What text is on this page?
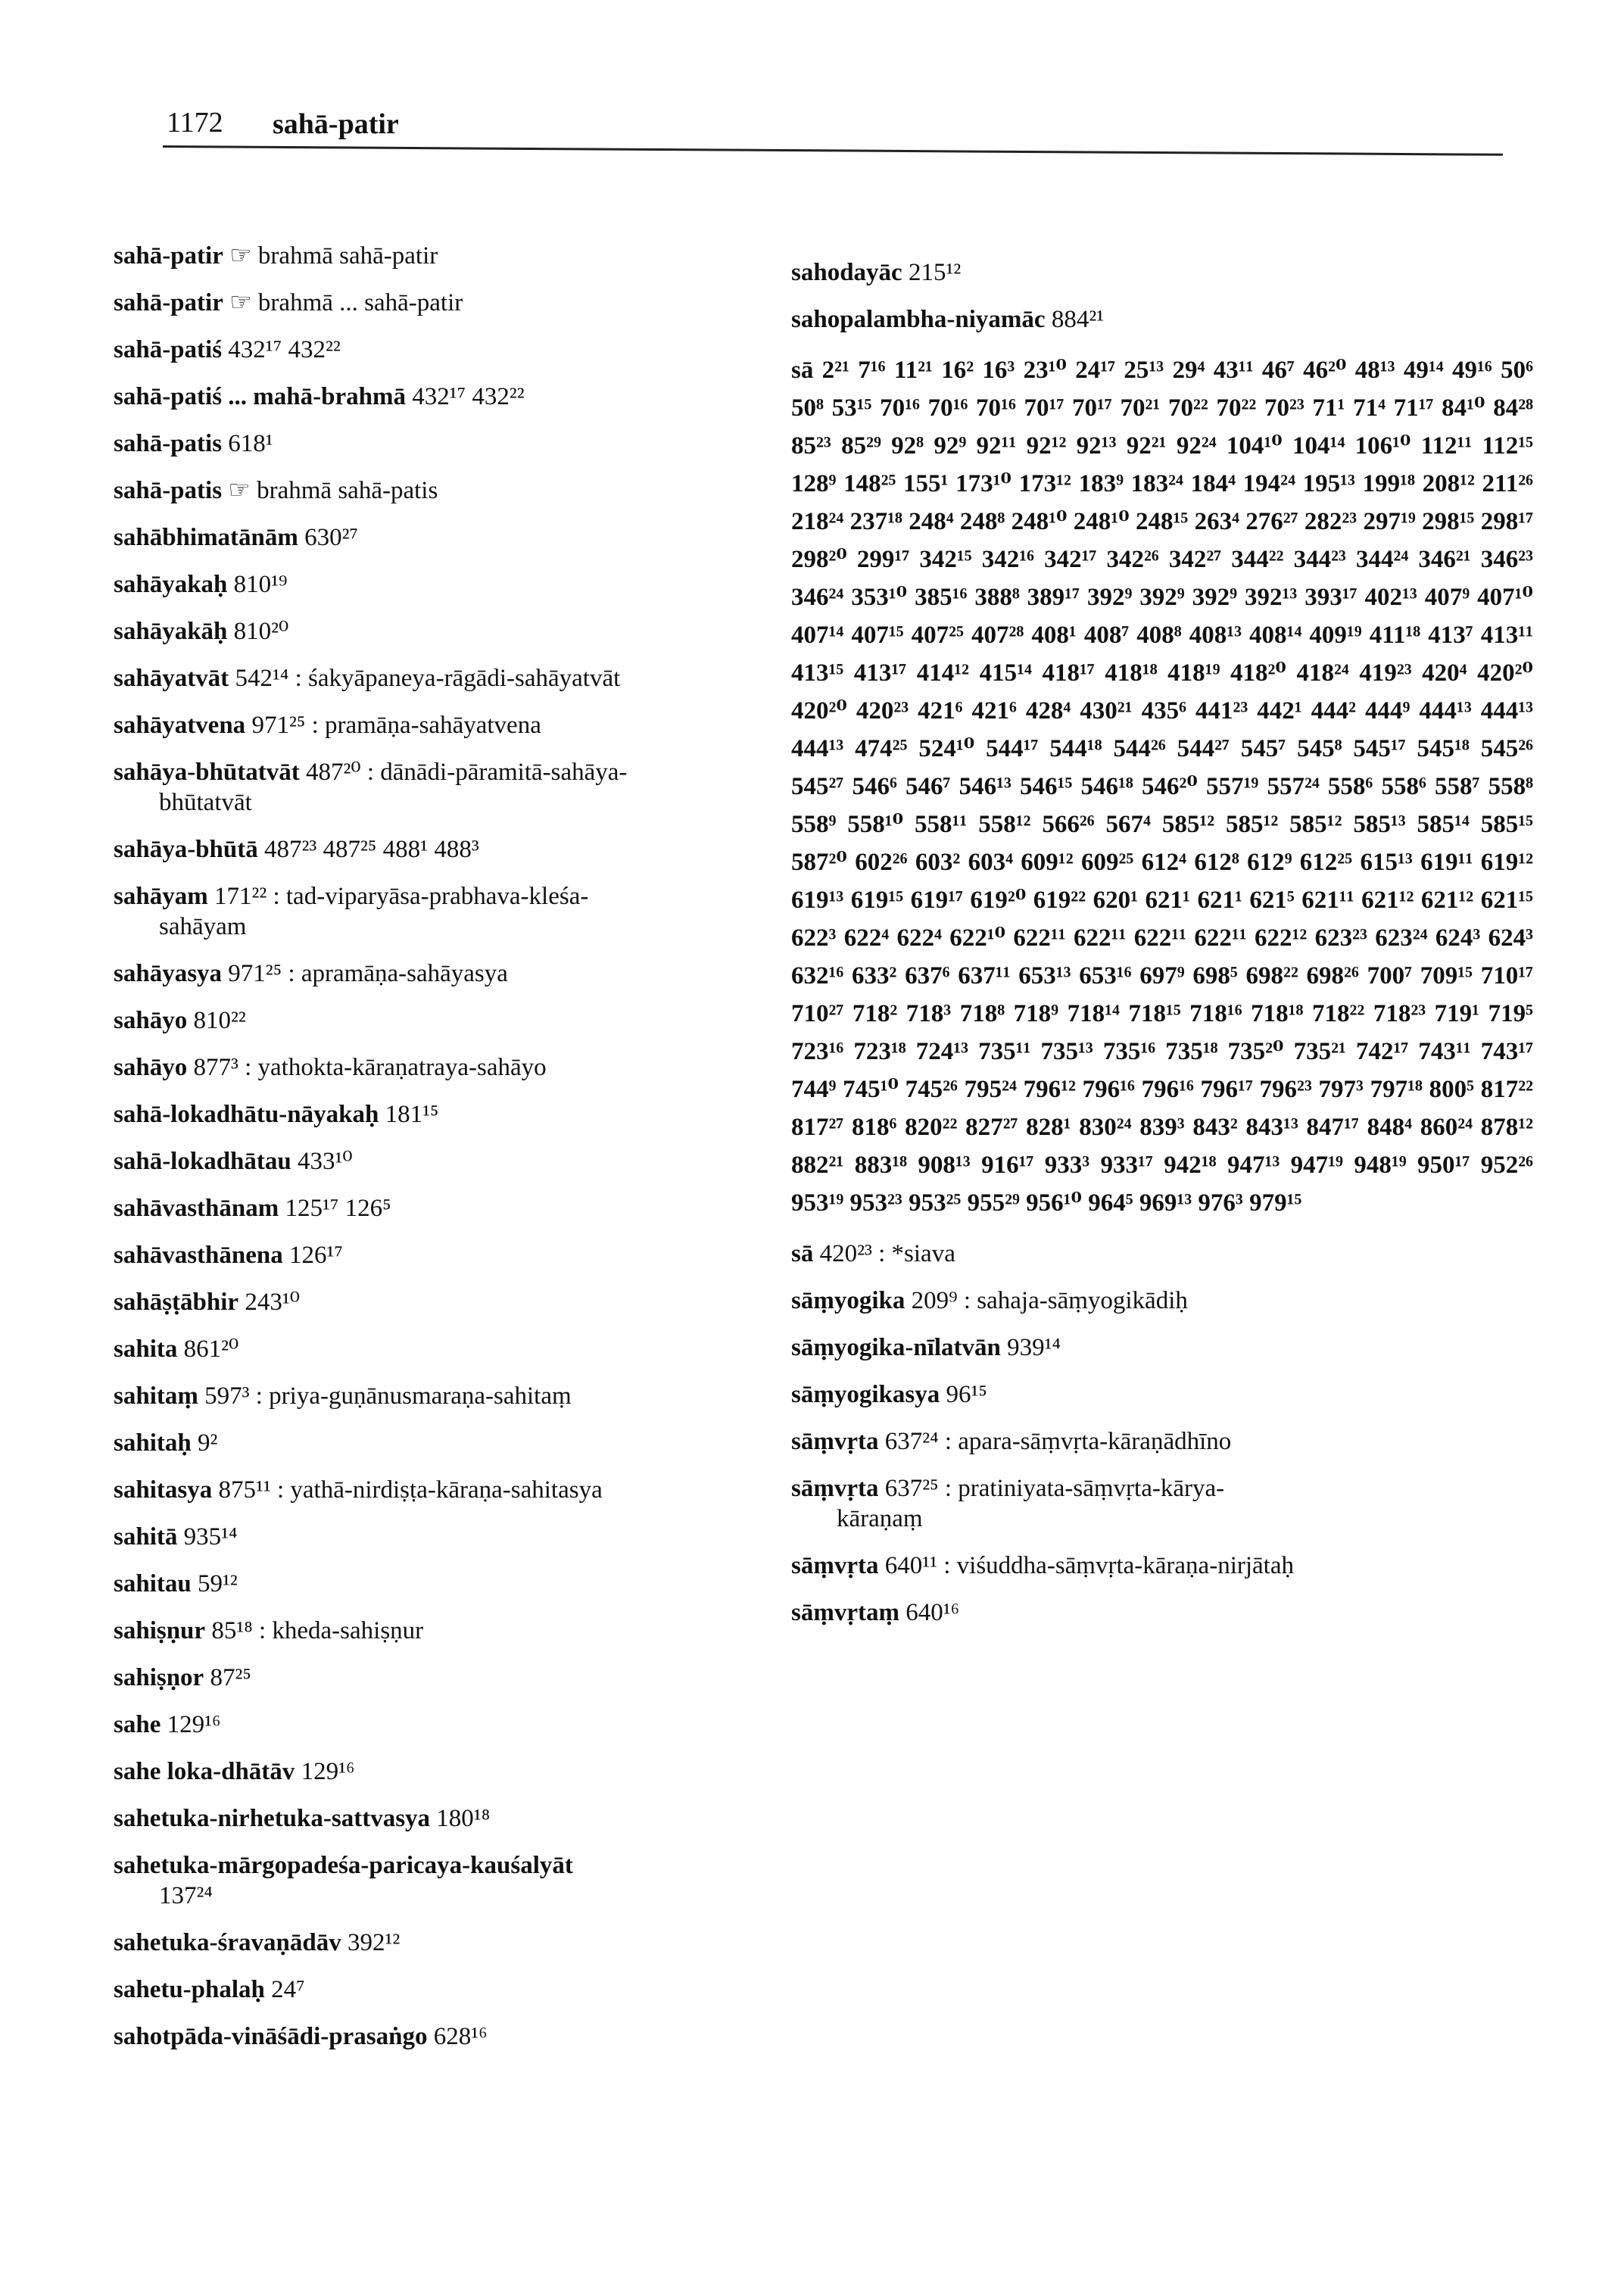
1172 sahā-patir
sahā-patir ☞ brahmā sahā-patir
sahā-patir ☞ brahmā ... sahā-patir
sahā-patiś 432¹⁷ 432²²
sahā-patiś ... mahā-brahmā 432¹⁷ 432²²
sahā-patis 618¹
sahā-patis ☞ brahmā sahā-patis
sahābhimatānām 630²⁷
sahāyakaḥ 810¹⁹
sahāyakāḥ 810²⁰
sahāyatvāt 542¹⁴ : śakyāpaneya-rāgādi-sahāyatvāt
sahāyatvena 971²⁵ : pramāṇa-sahāyatvena
sahāya-bhūtatvāt 487²⁰ : dānādi-pāramitā-sahāya-
bhūtatvāt
sahāya-bhūtā 487²³ 487²⁵ 488¹ 488³
sahāyam 171²² : tad-viparyāsa-prabhava-kleśa-
sahāyam
sahāyasya 971²⁵ : apramāṇa-sahāyasya
sahāyo 810²²
sahāyo 877³ : yathokta-kāraṇatraya-sahāyo
sahā-lokadhātu-nāyakaḥ 181¹⁵
sahā-lokadhātau 433¹⁰
sahāvasthānam 125¹⁷ 126⁵
sahāvasthānena 126¹⁷
sahāṣṭābhir 243¹⁰
sahita 861²⁰
sahitaṃ 597³ : priya-guṇānusmaraṇa-sahitaṃ
sahitaḥ 9²
sahitasya 875¹¹ : yathā-nirdiṣṭa-kāraṇa-sahitasya
sahitā 935¹⁴
sahitau 59¹²
sahiṣṇur 85¹⁸ : kheda-sahiṣṇur
sahiṣṇor 87²⁵
sahe 129¹⁶
sahe loka-dhātāv 129¹⁶
sahetuka-nirhetuka-sattvasya 180¹⁸
sahetuka-mārgopadeśa-paricaya-kauśalyāt
137²⁴
sahetuka-śravaṇādāv 392¹²
sahetu-phalaḥ 24⁷
sahotpāda-vināśādi-prasaṅgo 628¹⁶
sahodayāc 215¹²
sahopalambha-niyamāc 884²¹
sā 2²¹ 7¹⁶ 11²¹ 16² 16³ 23¹⁰ 24¹⁷ 25¹³ 29⁴ 43¹¹ 46⁷ 46²⁰ 48¹³ 49¹⁴ 49¹⁶ 50⁶ 50⁸ 53¹⁵ 70¹⁶ 70¹⁶ 70¹⁶ 70¹⁷ 70¹⁷ 70²¹ 70²² 70²² 70²³ 71¹ 71⁴ 71¹⁷ 84¹⁰ 84²⁸ 85²³ 85²⁹ 92⁸ 92⁹ 92¹¹ 92¹² 92¹³ 92²¹ 92²⁴ 104¹⁰ 104¹⁴ 106¹⁰ 112¹¹ 112¹⁵ 128⁹ 148²⁵ 155¹ 173¹⁰ 173¹² 183⁹ 183²⁴ 184⁴ 194²⁴ 195¹³ 199¹⁸ 208¹² 211²⁶ 218²⁴ 237¹⁸ 248⁴ 248⁸ 248¹⁰ 248¹⁰ 248¹⁵ 263⁴ 276²⁷ 282²³ 297¹⁹ 298¹⁵ 298¹⁷ 298²⁰ 299¹⁷ 342¹⁵ 342¹⁶ 342¹⁷ 342²⁶ 342²⁷ 344²² 344²³ 344²⁴ 346²¹ 346²³ 346²⁴ 353¹⁰ 385¹⁶ 388⁸ 389¹⁷ 392⁹ 392⁹ 392⁹ 392¹³ 393¹⁷ 402¹³ 407⁹ 407¹⁰ 407¹⁴ 407¹⁵ 407²⁵ 407²⁸ 408¹ 408⁷ 408⁸ 408¹³ 408¹⁴ 409¹⁹ 411¹⁸ 413⁷ 413¹¹ 413¹⁵ 413¹⁷ 414¹² 415¹⁴ 418¹⁷ 418¹⁸ 418¹⁹ 418²⁰ 418²⁴ 419²³ 420⁴ 420²⁰ 420²⁰ 420²³ 421⁶ 421⁶ 428⁴ 430²¹ 435⁶ 441²³ 442¹ 444² 444⁹ 444¹³ 444¹³ 444¹³ 474²⁵ 524¹⁰ 544¹⁷ 544¹⁸ 544²⁶ 544²⁷ 545⁷ 545⁸ 545¹⁷ 545¹⁸ 545²⁶ 545²⁷ 546⁶ 546⁷ 546¹³ 546¹⁵ 546¹⁸ 546²⁰ 557¹⁹ 557²⁴ 558⁶ 558⁶ 558⁷ 558⁸ 558⁹ 558¹⁰ 558¹¹ 558¹² 566²⁶ 567⁴ 585¹² 585¹² 585¹² 585¹³ 585¹⁴ 585¹⁵ 587²⁰ 602²⁶ 603² 603⁴ 609¹² 609²⁵ 612⁴ 612⁸ 612⁹ 612²⁵ 615¹³ 619¹¹ 619¹² 619¹³ 619¹⁵ 619¹⁷ 619²⁰ 619²² 620¹ 621¹ 621¹ 621⁵ 621¹¹ 621¹² 621¹² 621¹⁵ 622³ 622⁴ 622⁴ 622¹⁰ 622¹¹ 622¹¹ 622¹¹ 622¹¹ 622¹² 623²³ 623²⁴ 624³ 624³ 632¹⁶ 633² 637⁶ 637¹¹ 653¹³ 653¹⁶ 697⁹ 698⁵ 698²² 698²⁶ 700⁷ 709¹⁵ 710¹⁷ 710²⁷ 718² 718³ 718⁸ 718⁹ 718¹⁴ 718¹⁵ 718¹⁶ 718¹⁸ 718²² 718²³ 719¹ 719⁵ 723¹⁶ 723¹⁸ 724¹³ 735¹¹ 735¹³ 735¹⁶ 735¹⁸ 735²⁰ 735²¹ 742¹⁷ 743¹¹ 743¹⁷ 744⁹ 745¹⁰ 745²⁶ 795²⁴ 796¹² 796¹⁶ 796¹⁶ 796¹⁷ 796²³ 797³ 797¹⁸ 800⁵ 817²² 817²⁷ 818⁶ 820²² 827²⁷ 828¹ 830²⁴ 839³ 843² 843¹³ 847¹⁷ 848⁴ 860²⁴ 878¹² 882²¹ 883¹⁸ 908¹³ 916¹⁷ 933³ 933¹⁷ 942¹⁸ 947¹³ 947¹⁹ 948¹⁹ 950¹⁷ 952²⁶ 953¹⁹ 953²³ 953²⁵ 955²⁹ 956¹⁰ 964⁵ 969¹³ 976³ 979¹⁵
sā 420²³ : *siava
sāṃyogika 209⁹ : sahaja-sāṃyogikādiḥ
sāṃyogika-nīlatvān 939¹⁴
sāṃyogikasya 96¹⁵
sāṃvṛta 637²⁴ : apara-sāṃvṛta-kāraṇādhīno
sāṃvṛta 637²⁵ : pratiniyata-sāṃvṛta-kārya-
kāraṇaṃ
sāṃvṛta 640¹¹ : viśuddha-sāṃvṛta-kāraṇa-nirjātaḥ
sāṃvṛtaṃ 640¹⁶
